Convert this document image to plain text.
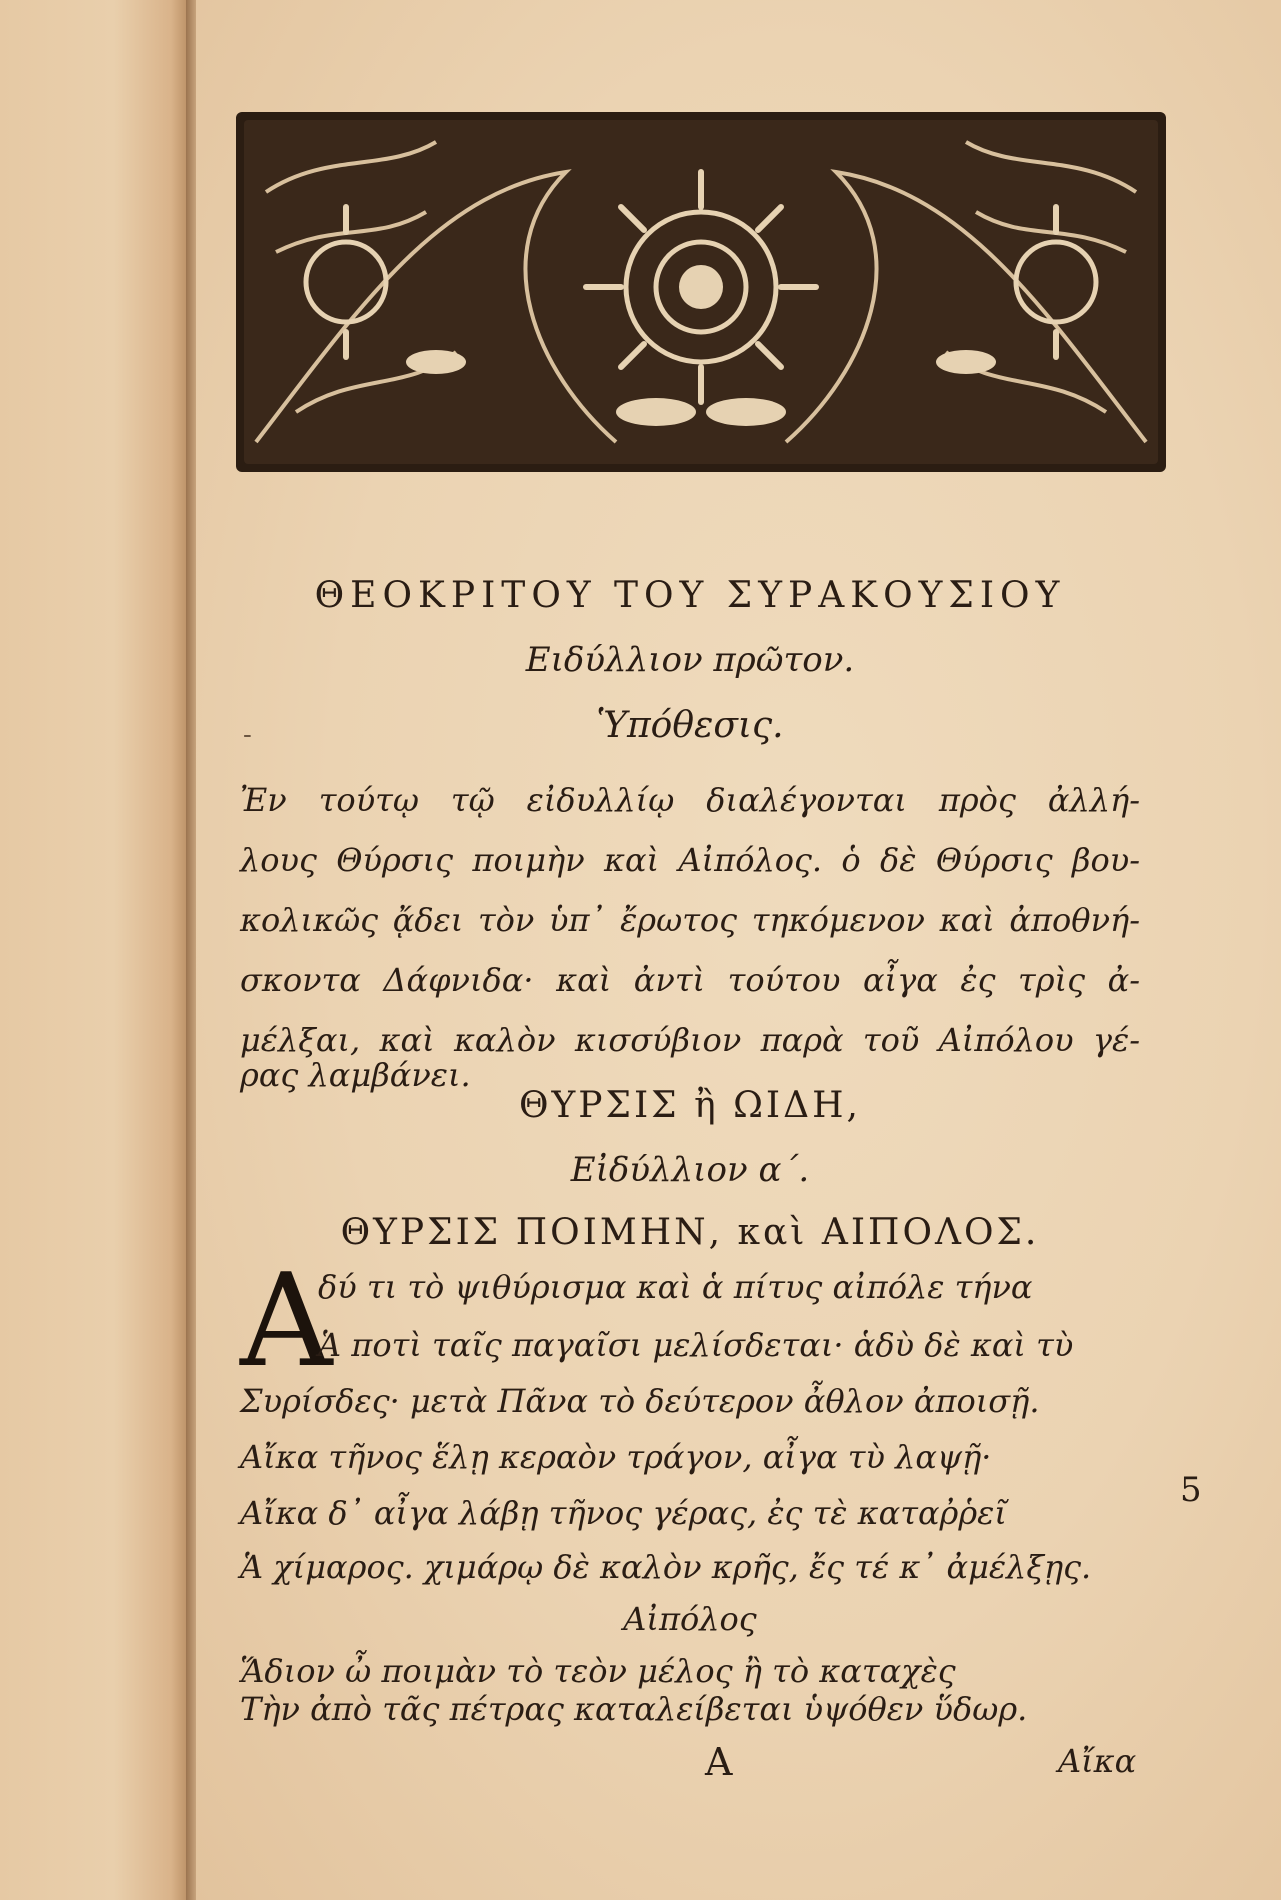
ΘΕΟΚΡΙΤΟΥ ΤΟΥ ΣΥΡΑΚΟΥΣΙΟΥ
Ειδύλλιον πρῶτον.
-	Ὑπόθεσις.
Ἐν τούτῳ τῷ εἰδυλλίῳ διαλέγονται πρὸς ἀλλή-
λους Θύρσις ποιμὴν καὶ Αἰπόλος. ὁ δὲ Θύρσις βου-
κολικῶς ᾄδει τὸν ὑπ᾽ ἔρωτος τηκόμενον καὶ ἀποθνή-
σκοντα Δάφνιδα· καὶ ἀντὶ τούτου αἶγα ἐς τρὶς ἀ-
μέλξαι, καὶ καλὸν κισσύβιον παρὰ τοῦ Αἰπόλου γέ-
ρας λαμβάνει.
ΘΥΡΣΙΣ ἢ ΩΙΔΗ,
Εἰδύλλιον α΄.
ΘΥΡΣΙΣ ΠΟΙΜΗΝ, καὶ ΑΙΠΟΛΟΣ.
Α
δύ τι τὸ ψιθύρισμα καὶ ἁ πίτυς αἰπόλε τήνα
Ἁ ποτὶ ταῖς παγαῖσι μελίσδεται· ἁδὺ δὲ καὶ τὺ
Συρίσδες· μετὰ Πᾶνα τὸ δεύτερον ἆθλον ἀποισῇ.
Αἴκα τῆνος ἕλῃ κεραὸν τράγον, αἶγα τὺ λαψῇ·
Αἴκα δ᾽ αἶγα λάβῃ τῆνος γέρας, ἐς τὲ καταῤῥεῖ
Ἁ χίμαρος. χιμάρῳ δὲ καλὸν κρῆς, ἔς τέ κ᾽ ἀμέλξῃς.
5
Αἰπόλος
Ἅδιον ὦ ποιμὰν τὸ τεὸν μέλος ἢ τὸ καταχὲς
Τὴν ἀπὸ τᾶς πέτρας καταλείβεται ὑψόθεν ὕδωρ.
A	Αἴκα
